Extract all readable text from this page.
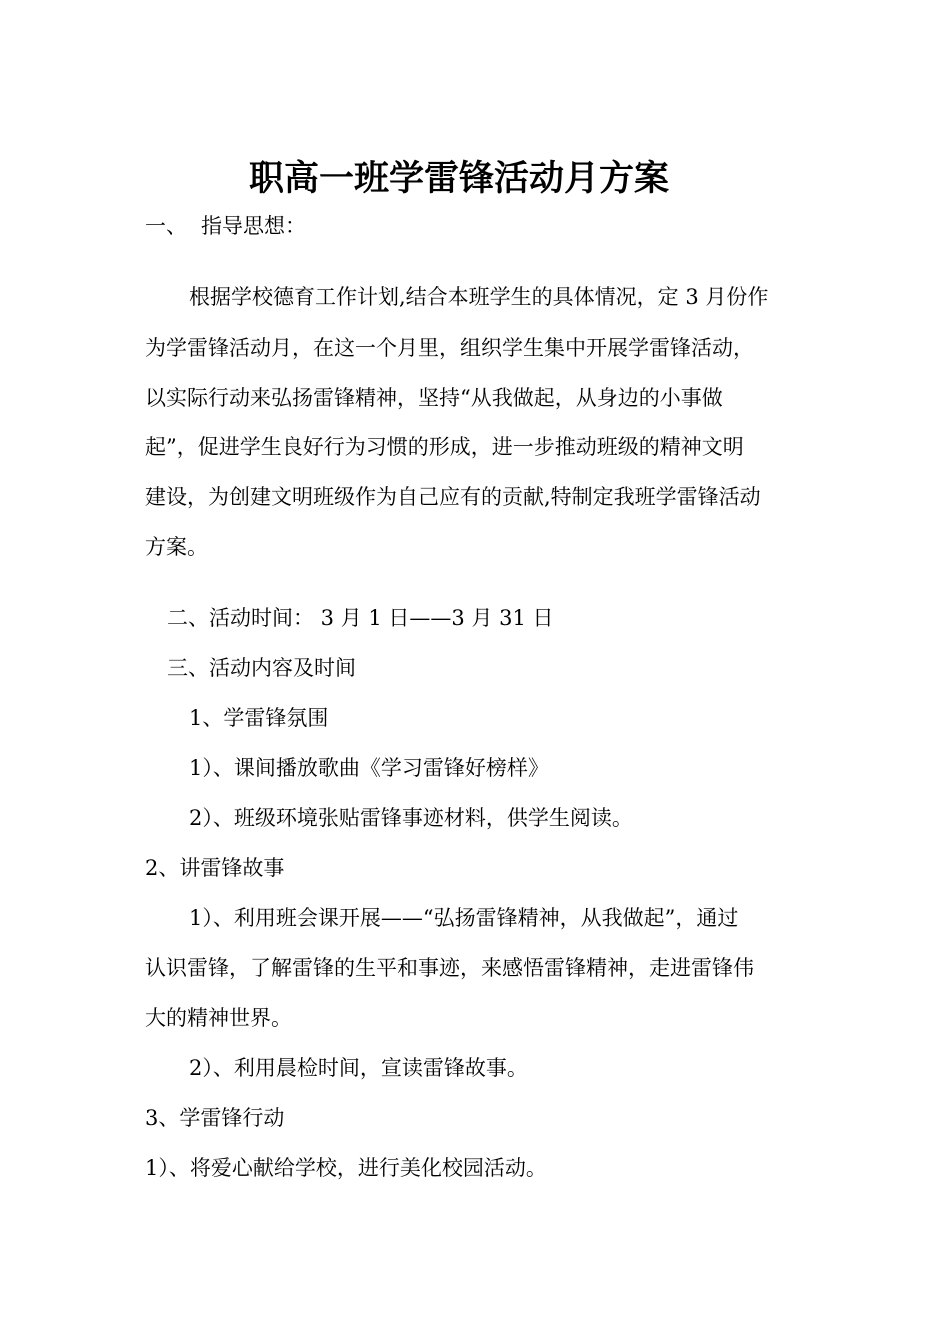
职高一班学雷锋活动月方案
一、 指导思想：
根据学校德育工作计划,结合本班学生的具体情况，定 3 月份作
为学雷锋活动月，在这一个月里，组织学生集中开展学雷锋活动，
以实际行动来弘扬雷锋精神，坚持“从我做起，从身边的小事做
起”，促进学生良好行为习惯的形成，进一步推动班级的精神文明
建设，为创建文明班级作为自己应有的贡献,特制定我班学雷锋活动
方案。
二、活动时间： 3 月 1 日——3 月 31 日
三、活动内容及时间
1、学雷锋氛围
1）、课间播放歌曲《学习雷锋好榜样》
2）、班级环境张贴雷锋事迹材料，供学生阅读。
2、讲雷锋故事
1）、利用班会课开展——“弘扬雷锋精神，从我做起”，通过
认识雷锋，了解雷锋的生平和事迹，来感悟雷锋精神，走进雷锋伟
大的精神世界。
2）、利用晨检时间，宣读雷锋故事。
3、学雷锋行动
1）、将爱心献给学校，进行美化校园活动。
